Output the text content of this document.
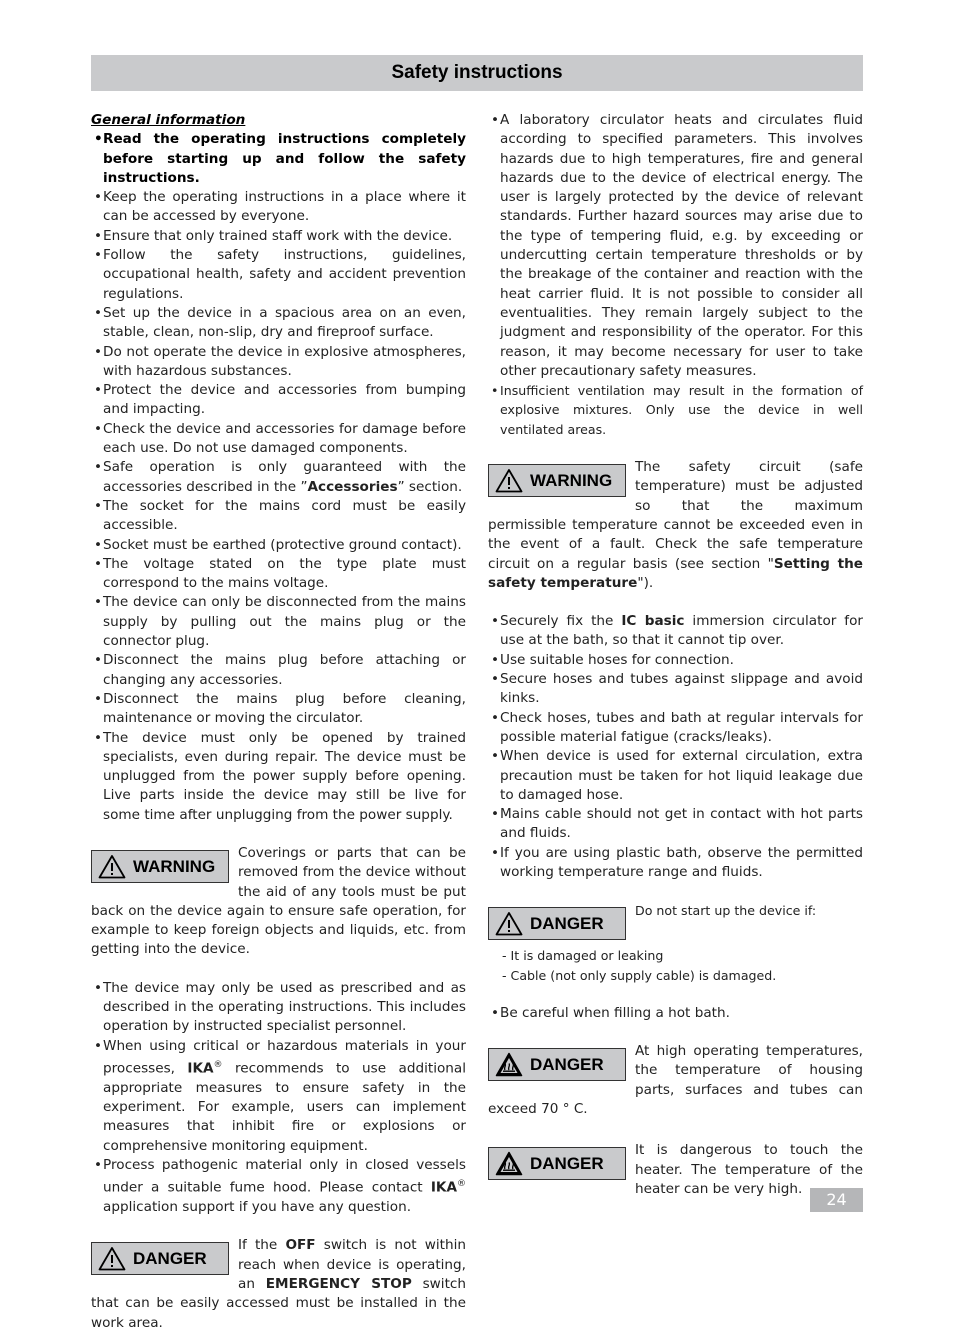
Safety instructions
General information
• Read the operating instructions completely before starting up and follow the safety instructions.
• Keep the operating instructions in a place where it can be accessed by everyone.
• Ensure that only trained staff work with the device.
• Follow the safety instructions, guidelines, occupational health, safety and accident prevention regulations.
• Set up the device in a spacious area on an even, stable, clean, non-slip, dry and fireproof surface.
• Do not operate the device in explosive atmospheres, with hazardous substances.
• Protect the device and accessories from bumping and impacting.
• Check the device and accessories for damage before each use. Do not use damaged components.
• Safe operation is only guaranteed with the accessories described in the ”Accessories” section.
• The socket for the mains cord must be easily accessible.
• Socket must be earthed (protective ground contact).
• The voltage stated on the type plate must correspond to the mains voltage.
• The device can only be disconnected from the mains supply by pulling out the mains plug or the connector plug.
• Disconnect the mains plug before attaching or changing any accessories.
• Disconnect the mains plug before cleaning, maintenance or moving the circulator.
• The device must only be opened by trained specialists, even during repair. The device must be unplugged from the power supply before opening. Live parts inside the device may still be live for some time after unplugging from the power supply.
WARNING
Coverings or parts that can be removed from the device without the aid of any tools must be put back on the device again to ensure safe operation, for example to keep foreign objects and liquids, etc. from getting into the device.
• The device may only be used as prescribed and as described in the operating instructions. This includes operation by instructed specialist personnel.
• When using critical or hazardous materials in your processes, IKA® recommends to use additional appropriate measures to ensure safety in the experiment. For example, users can implement measures that inhibit fire or explosions or comprehensive monitoring equipment.
• Process pathogenic material only in closed vessels under a suitable fume hood. Please contact IKA® application support if you have any question.
DANGER
If the OFF switch is not within reach when device is operating, an EMERGENCY STOP switch that can be easily accessed must be installed in the work area.
• A laboratory circulator heats and circulates fluid according to specified parameters. This involves hazards due to high temperatures, fire and general hazards due to the device of electrical energy. The user is largely protected by the device of relevant standards. Further hazard sources may arise due to the type of tempering fluid, e.g. by exceeding or undercutting certain temperature thresholds or by the breakage of the container and reaction with the heat carrier fluid. It is not possible to consider all eventualities. They remain largely subject to the judgment and responsibility of the operator. For this reason, it may become necessary for user to take other precautionary safety measures.
• Insufficient ventilation may result in the formation of explosive mixtures. Only use the device in well ventilated areas.
WARNING
The safety circuit (safe temperature) must be adjusted so that the maximum permissible temperature cannot be exceeded even in the event of a fault. Check the safe temperature circuit on a regular basis (see section "Setting the safety temperature").
• Securely fix the IC basic immersion circulator for use at the bath, so that it cannot tip over.
• Use suitable hoses for connection.
• Secure hoses and tubes against slippage and avoid kinks.
• Check hoses, tubes and bath at regular intervals for possible material fatigue (cracks/leaks).
• When device is used for external circulation, extra precaution must be taken for hot liquid leakage due to damaged hose.
• Mains cable should not get in contact with hot parts and fluids.
• If you are using plastic bath, observe the permitted working temperature range and fluids.
DANGER
Do not start up the device if:
- It is damaged or leaking
- Cable (not only supply cable) is damaged.
• Be careful when filling a hot bath.
DANGER
At high operating temperatures, the temperature of housing parts, surfaces and tubes can exceed 70 ° C.
DANGER
It is dangerous to touch the heater. The temperature of the heater can be very high.
24
